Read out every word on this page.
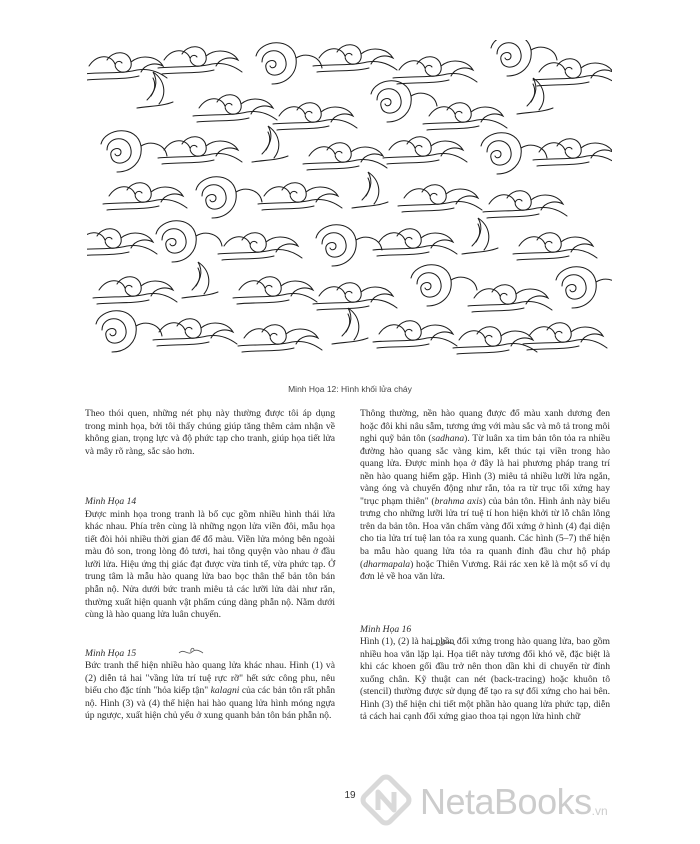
Minh Họa 12: Hình khối lửa cháy

Theo thói quen, những nét phụ này thường được tôi áp dụng trong minh họa, bởi tôi thấy chúng giúp tăng thêm cảm nhận về không gian, trọng lực và độ phức tạp cho tranh, giúp họa tiết lửa và mây rõ ràng, sắc sảo hơn.

Minh Họa 14

Được minh họa trong tranh là bố cục gồm nhiều hình thái lửa khác nhau. Phía trên cùng là những ngọn lửa viền đôi, mẫu họa tiết đòi hỏi nhiều thời gian để đổ màu. Viền lửa mỏng bên ngoài màu đỏ son, trong lòng đỏ tươi, hai tông quyện vào nhau ở đầu lưỡi lửa. Hiệu ứng thị giác đạt được vừa tinh tế, vừa phức tạp. Ở trung tâm là mẫu hào quang lửa bao bọc thân thể bản tôn bán phẫn nộ. Nửa dưới bức tranh miêu tả các lưỡi lửa dài như rắn, thường xuất hiện quanh vật phẩm cúng dàng phẫn nộ. Nằm dưới cùng là hào quang lửa luân chuyển.

Minh Họa 15

Bức tranh thể hiện nhiều hào quang lửa khác nhau. Hình (1) và (2) diễn tả hai "vầng lửa trí tuệ rực rỡ" hết sức công phu, nêu biểu cho đặc tính "hỏa kiếp tận" kalagni của các bản tôn rất phẫn nộ. Hình (3) và (4) thể hiện hai hào quang lửa hình móng ngựa úp ngược, xuất hiện chủ yếu ở xung quanh bản tôn bán phẫn nộ.

Thông thường, nền hào quang được đổ màu xanh dương đen hoặc đôi khi nâu sẫm, tương ứng với màu sắc và mô tả trong môi nghi quỹ bản tôn (sadhana). Từ luân xa tim bản tôn tỏa ra nhiều đường hào quang sắc vàng kim, kết thúc tại viền trong hào quang lửa. Được minh họa ở đây là hai phương pháp trang trí nền hào quang hiếm gặp. Hình (3) miêu tả nhiều lưỡi lửa ngắn, vàng óng và chuyển động như rắn, tỏa ra từ trục tối xứng hay "trục phạm thiên" (brahma axis) của bản tôn. Hình ảnh này biểu trưng cho những lưỡi lửa trí tuệ tí hon hiện khởi từ lỗ chân lông trên da bản tôn. Hoa văn chấm vàng đối xứng ở hình (4) đại diện cho tia lửa trí tuệ lan tỏa ra xung quanh. Các hình (5–7) thể hiện ba mẫu hào quang lửa tỏa ra quanh đỉnh đầu chư hộ pháp (dharmapala) hoặc Thiên Vương. Rải rác xen kẽ là một số ví dụ đơn lẻ về hoa văn lửa.

Minh Họa 16

Hình (1), (2) là hai phần đối xứng trong hào quang lửa, bao gồm nhiều hoa văn lặp lại. Họa tiết này tương đối khó vẽ, đặc biệt là khi các khoen gối đầu trở nên thon dần khi di chuyển từ đỉnh xuống chân. Kỹ thuật can nét (back-tracing) hoặc khuôn tô (stencil) thường được sử dụng để tạo ra sự đối xứng cho hai bên. Hình (3) thể hiện chi tiết một phần hào quang lửa phức tạp, diễn tả cách hai cạnh đối xứng giao thoa tại ngọn lửa hình chữ

19	NetaBooks .vn
